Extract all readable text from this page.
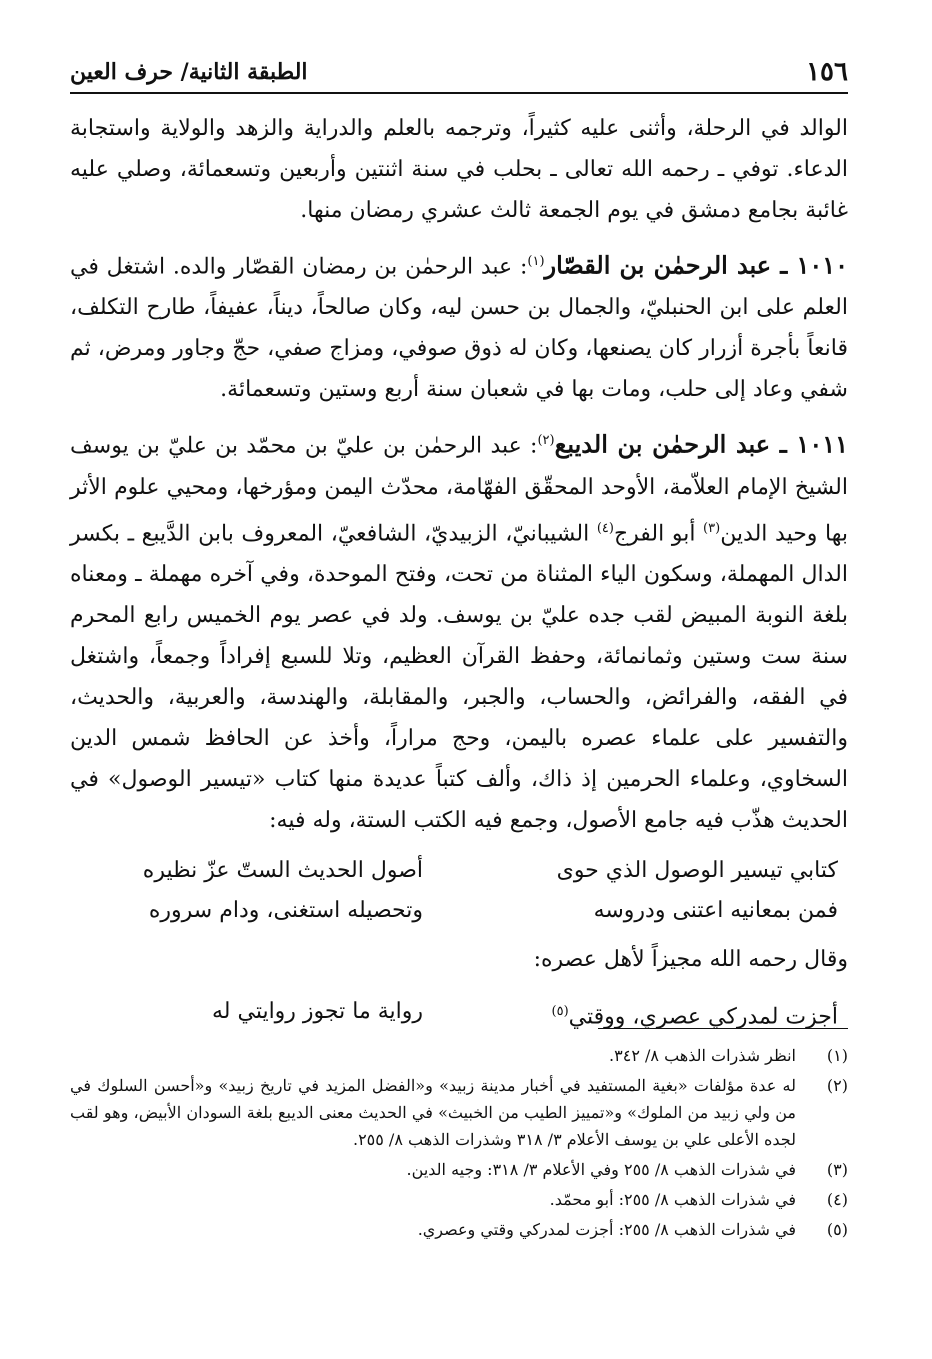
١٥٦
الطبقة الثانية/ حرف العين

الوالد في الرحلة، وأثنى عليه كثيراً، وترجمه بالعلم والدراية والزهد والولاية واستجابة الدعاء. توفي ـ رحمه الله تعالى ـ بحلب في سنة اثنتين وأربعين وتسعمائة، وصلي عليه غائبة بجامع دمشق في يوم الجمعة ثالث عشري رمضان منها.

١٠١٠ ـ عبد الرحمٰن بن القصّار$^{(١)}$: عبد الرحمٰن بن رمضان القصّار والده. اشتغل في العلم على ابن الحنبليّ، والجمال بن حسن ليه، وكان صالحاً، ديناً، عفيفاً، طارح التكلف، قانعاً بأجرة أزرار كان يصنعها، وكان له ذوق صوفي، ومزاج صفي، حجّ وجاور ومرض، ثم شفي وعاد إلى حلب، ومات بها في شعبان سنة أربع وستين وتسعمائة.

١٠١١ ـ عبد الرحمٰن بن الديبع$^{(٢)}$: عبد الرحمٰن بن عليّ بن محمّد بن عليّ بن يوسف الشيخ الإمام العلاّمة، الأوحد المحقّق الفهّامة، محدّث اليمن ومؤرخها، ومحيي علوم الأثر بها وحيد الدين$^{(٣)}$ أبو الفرج$^{(٤)}$ الشيبانيّ، الزبيديّ، الشافعيّ، المعروف بابن الدَّيبع ـ بكسر الدال المهملة، وسكون الياء المثناة من تحت، وفتح الموحدة، وفي آخره مهملة ـ ومعناه بلغة النوبة المبيض لقب جده عليّ بن يوسف. ولد في عصر يوم الخميس رابع المحرم سنة ست وستين وثمانمائة، وحفظ القرآن العظيم، وتلا للسبع إفراداً وجمعاً، واشتغل في الفقه، والفرائض، والحساب، والجبر، والمقابلة، والهندسة، والعربية، والحديث، والتفسير على علماء عصره باليمن، وحج مراراً، وأخذ عن الحافظ شمس الدين السخاوي، وعلماء الحرمين إذ ذاك، وألف كتباً عديدة منها كتاب «تيسير الوصول» في الحديث هذّب فيه جامع الأصول، وجمع فيه الكتب الستة، وله فيه:

كتابي تيسير الوصول الذي حوى	أصول الحديث الستّ عزّ نظيره
فمن بمعانيه اعتنى ودروسه	وتحصيله استغنى، ودام سروره

وقال رحمه الله مجيزاً لأهل عصره:

أجزت لمدركي عصري، ووقتي$^{(٥)}$	رواية ما تجوز روايتي له
(١)
انظر شذرات الذهب ٨/ ٣٤٢.
(٢)
له عدة مؤلفات «بغية المستفيد في أخبار مدينة زبيد» و«الفضل المزيد في تاريخ زبيد» و«أحسن السلوك في من ولي زبيد من الملوك» و«تمييز الطيب من الخبيث» في الحديث معنى الديبع بلغة السودان الأبيض، وهو لقب لجده الأعلى علي بن يوسف الأعلام ٣/ ٣١٨ وشذرات الذهب ٨/ ٢٥٥.
(٣)
في شذرات الذهب ٨/ ٢٥٥ وفي الأعلام ٣/ ٣١٨: وجيه الدين.
(٤)
في شذرات الذهب ٨/ ٢٥٥: أبو محمّد.
(٥)
في شذرات الذهب ٨/ ٢٥٥: أجزت لمدركي وقتي وعصري.
